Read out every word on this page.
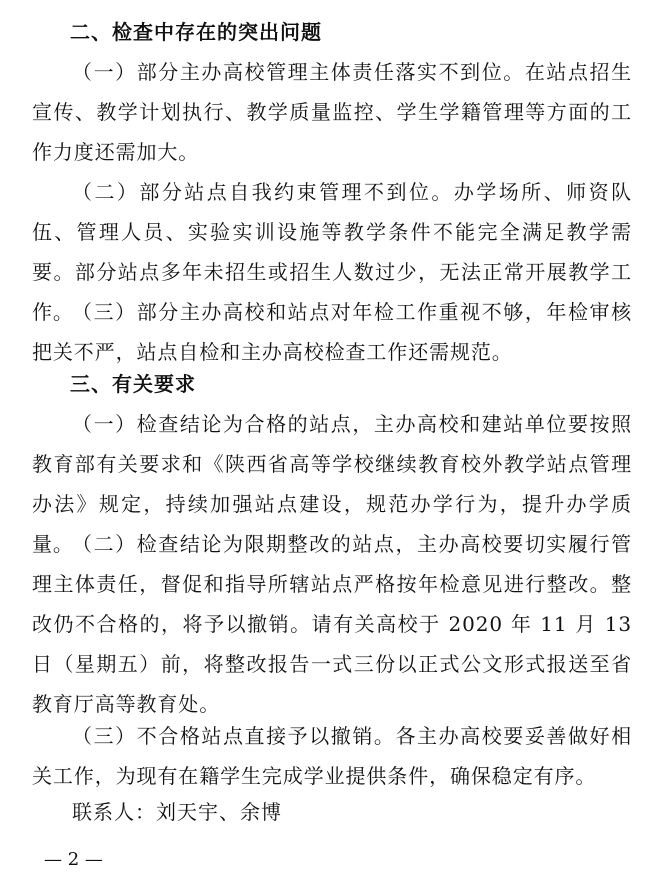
二、检查中存在的突出问题

（一）部分主办高校管理主体责任落实不到位。在站点招生宣传、教学计划执行、教学质量监控、学生学籍管理等方面的工作力度还需加大。

（二）部分站点自我约束管理不到位。办学场所、师资队伍、管理人员、实验实训设施等教学条件不能完全满足教学需要。部分站点多年未招生或招生人数过少，无法正常开展教学工作。

（三）部分主办高校和站点对年检工作重视不够，年检审核把关不严，站点自检和主办高校检查工作还需规范。

三、有关要求

（一）检查结论为合格的站点，主办高校和建站单位要按照教育部有关要求和《陕西省高等学校继续教育校外教学站点管理办法》规定，持续加强站点建设，规范办学行为，提升办学质量。

（二）检查结论为限期整改的站点，主办高校要切实履行管理主体责任，督促和指导所辖站点严格按年检意见进行整改。整改仍不合格的，将予以撤销。请有关高校于 2020 年 11 月 13 日（星期五）前，将整改报告一式三份以正式公文形式报送至省教育厅高等教育处。

（三）不合格站点直接予以撤销。各主办高校要妥善做好相关工作，为现有在籍学生完成学业提供条件，确保稳定有序。

联系人：刘天宇、余博
— 2 —
